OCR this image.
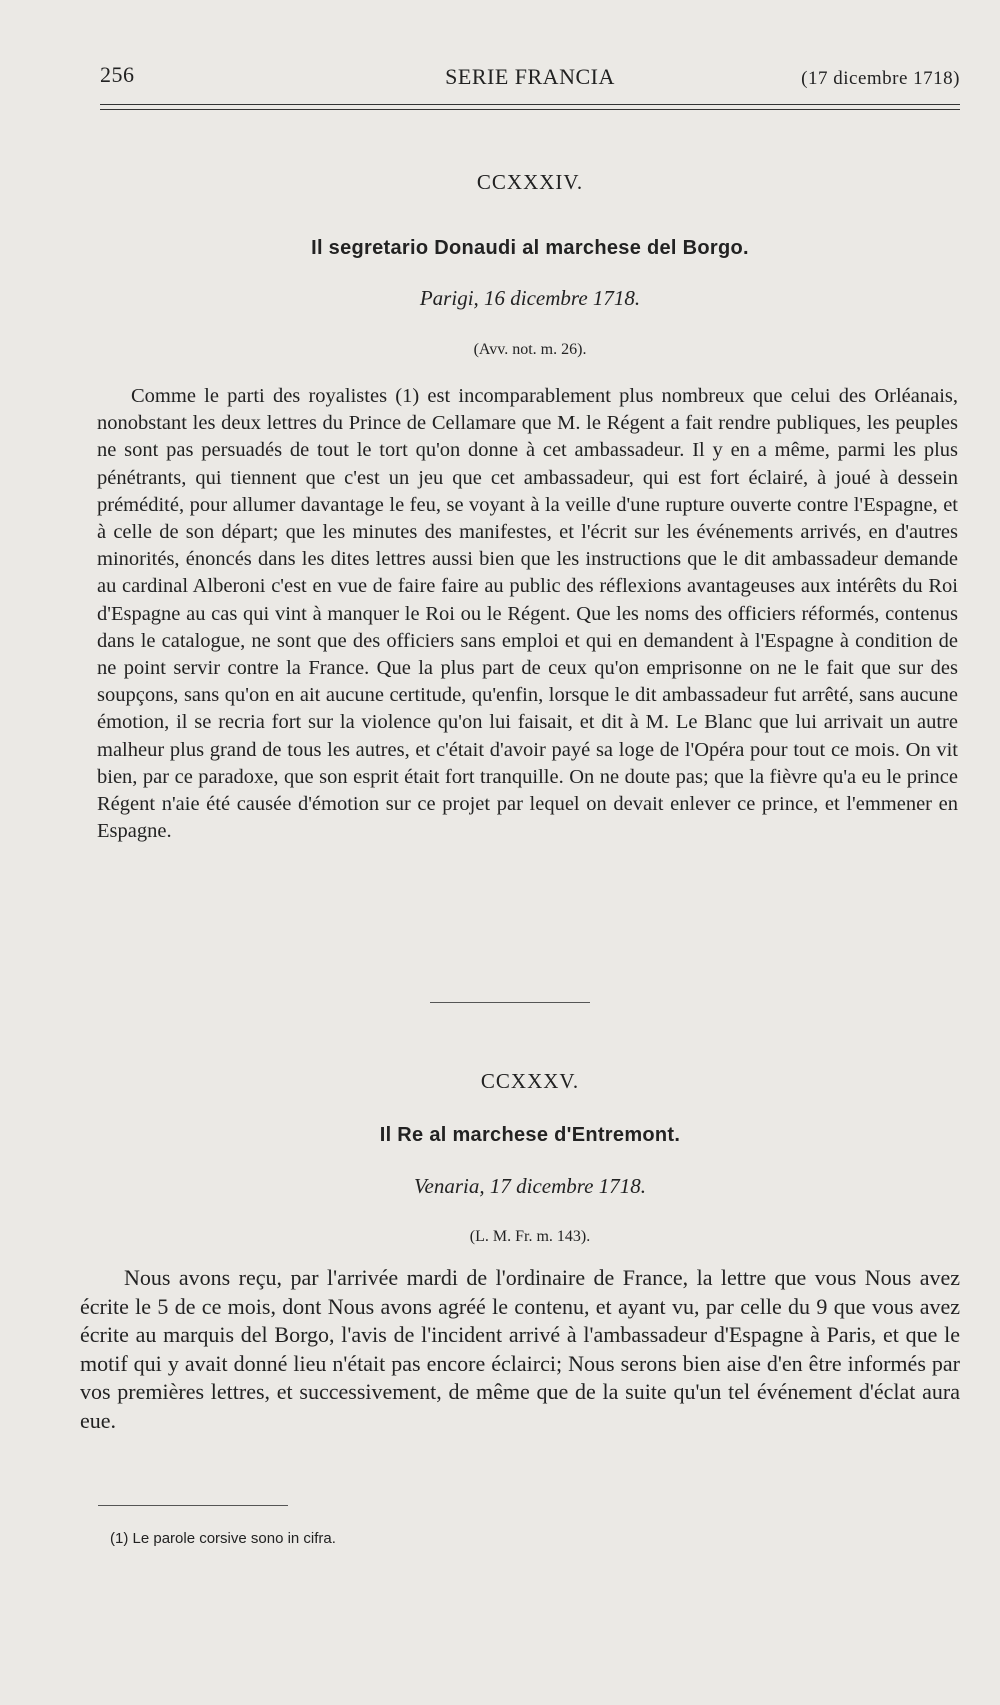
256	SERIE FRANCIA	(17 dicembre 1718)
CCXXXIV.
Il segretario Donaudi al marchese del Borgo.
Parigi, 16 dicembre 1718.
(Avv. not. m. 26).

Comme le parti des royalistes (1) est incomparablement plus nombreux que celui des Orléanais, nonobstant les deux lettres du Prince de Cellamare que M. le Régent a fait rendre publiques, les peuples ne sont pas persuadés de tout le tort qu'on donne à cet ambassadeur. Il y en a même, parmi les plus pénétrants, qui tiennent que c'est un jeu que cet ambassadeur, qui est fort éclairé, à joué à dessein prémédité, pour allumer davantage le feu, se voyant à la veille d'une rupture ouverte contre l'Espagne, et à celle de son départ; que les minutes des manifestes, et l'écrit sur les événements arrivés, en d'autres minorités, énoncés dans les dites lettres aussi bien que les instructions que le dit ambassadeur demande au cardinal Alberoni c'est en vue de faire faire au public des réflexions avantageuses aux intérêts du Roi d'Espagne au cas qui vint à manquer le Roi ou le Régent. Que les noms des officiers réformés, contenus dans le catalogue, ne sont que des officiers sans emploi et qui en demandent à l'Espagne à condition de ne point servir contre la France. Que la plus part de ceux qu'on emprisonne on ne le fait que sur des soupçons, sans qu'on en ait aucune certitude, qu'enfin, lorsque le dit ambassadeur fut arrêté, sans aucune émotion, il se recria fort sur la violence qu'on lui faisait, et dit à M. Le Blanc que lui arrivait un autre malheur plus grand de tous les autres, et c'était d'avoir payé sa loge de l'Opéra pour tout ce mois. On vit bien, par ce paradoxe, que son esprit était fort tranquille. On ne doute pas; que la fièvre qu'a eu le prince Régent n'aie été causée d'émotion sur ce projet par lequel on devait enlever ce prince, et l'emmener en Espagne.

CCXXXV.
Il Re al marchese d'Entremont.
Venaria, 17 dicembre 1718.
(L. M. Fr. m. 143).

Nous avons reçu, par l'arrivée mardi de l'ordinaire de France, la lettre que vous Nous avez écrite le 5 de ce mois, dont Nous avons agréé le contenu, et ayant vu, par celle du 9 que vous avez écrite au marquis del Borgo, l'avis de l'incident arrivé à l'ambassadeur d'Espagne à Paris, et que le motif qui y avait donné lieu n'était pas encore éclairci; Nous serons bien aise d'en être informés par vos premières lettres, et successivement, de même que de la suite qu'un tel événement d'éclat aura eue.

(1) Le parole corsive sono in cifra.
